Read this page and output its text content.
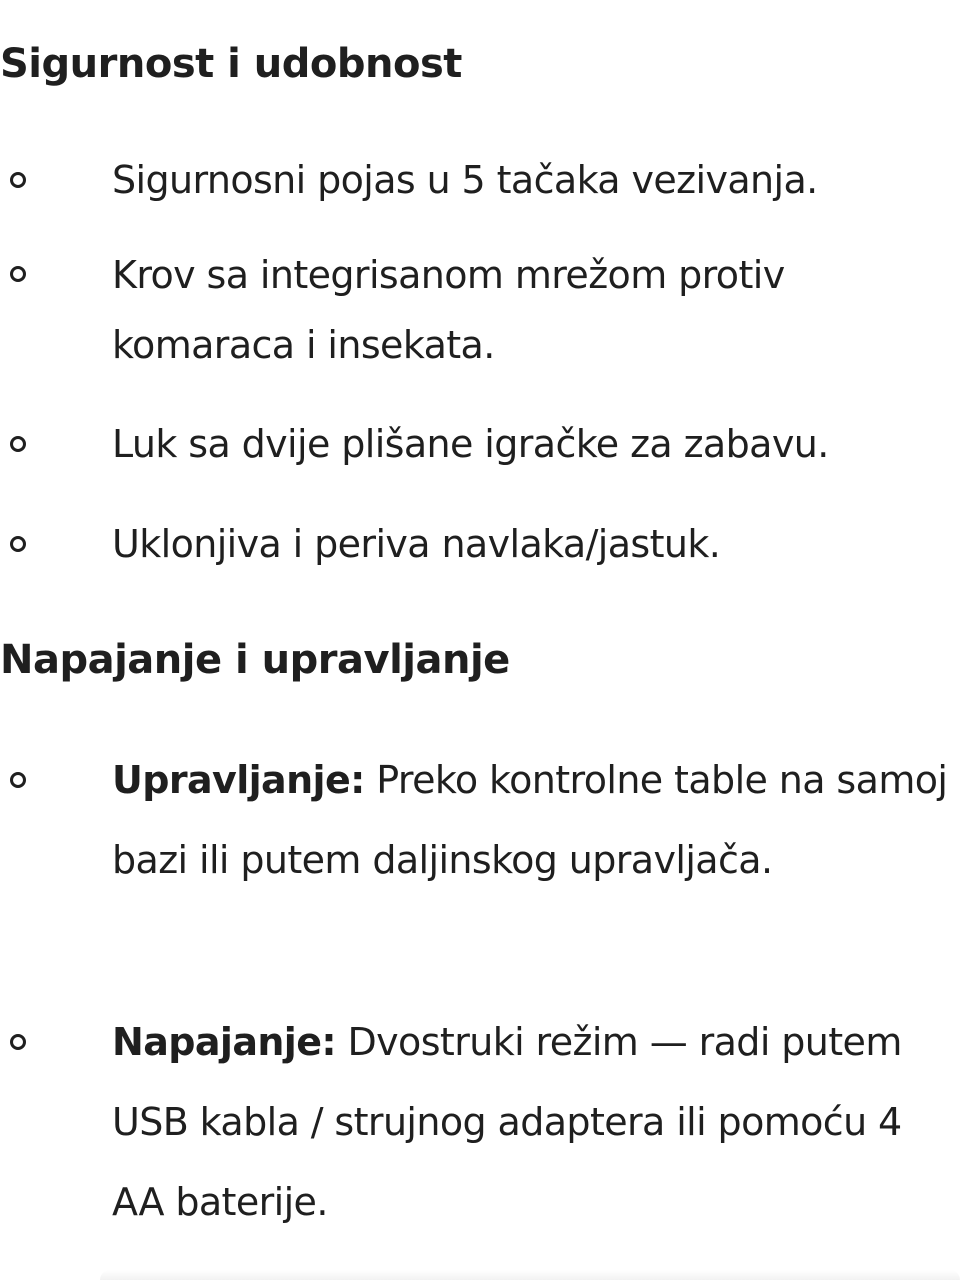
Sigurnost i udobnost
Sigurnosni pojas u 5 tačaka vezivanja.
Krov sa integrisanom mrežom protiv komaraca i insekata.
Luk sa dvije plišane igračke za zabavu.
Uklonjiva i periva navlaka/jastuk.
Napajanje i upravljanje
Upravljanje: Preko kontrolne table na samoj bazi ili putem daljinskog upravljača.
Napajanje: Dvostruki režim — radi putem USB kabla / strujnog adaptera ili pomoću 4 AA baterije.
